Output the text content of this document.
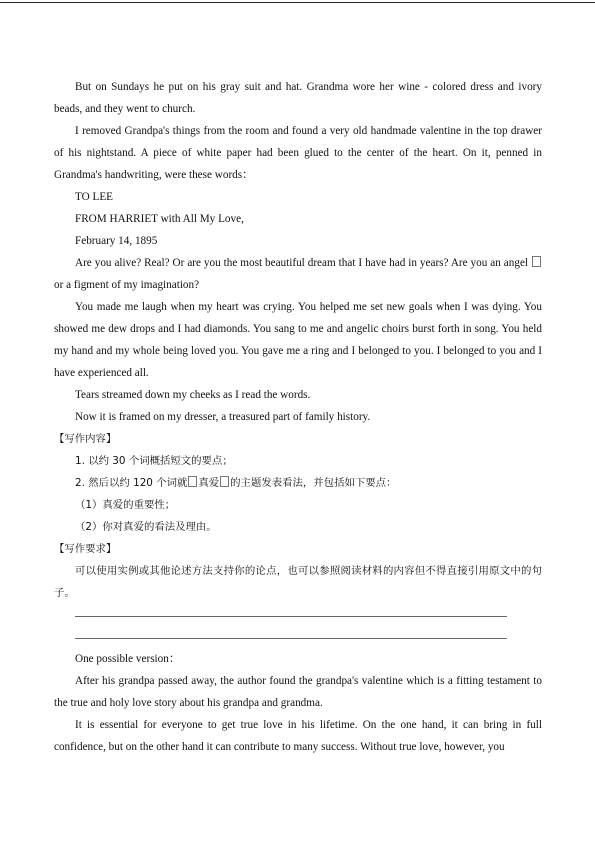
But on Sundays he put on his gray suit and hat. Grandma wore her wine - colored dress and ivory beads, and they went to church.

I removed Grandpa's things from the room and found a very old handmade valentine in the top drawer of his nightstand. A piece of white paper had been glued to the center of the heart. On it, penned in Grandma's handwriting, were these words：

TO LEE

FROM HARRIET with All My Love,

February 14, 1895

Are you alive? Real? Or are you the most beautiful dream that I have had in years? Are you an angel  or a figment of my imagination?

You made me laugh when my heart was crying. You helped me set new goals when I was dying. You showed me dew drops and I had diamonds. You sang to me and angelic choirs burst forth in song. You held my hand and my whole being loved you. You gave me a ring and I belonged to you. I belonged to you and I have experienced all.

Tears streamed down my cheeks as I read the words.

Now it is framed on my dresser, a treasured part of family history.

【写作内容】

1. 以约 30 个词概括短文的要点；

2. 然后以约 120 个词就 真爱 的主题发表看法，并包括如下要点：

（1）真爱的重要性；

（2）你对真爱的看法及理由。

【写作要求】

可以使用实例或其他论述方法支持你的论点，也可以参照阅读材料的内容但不得直接引用原文中的句子。

One possible version：

After his grandpa passed away, the author found the grandpa's valentine which is a fitting testament to the true and holy love story about his grandpa and grandma.

It is essential for everyone to get true love in his lifetime. On the one hand, it can bring in full confidence, but on the other hand it can contribute to many success. Without true love, however, you
